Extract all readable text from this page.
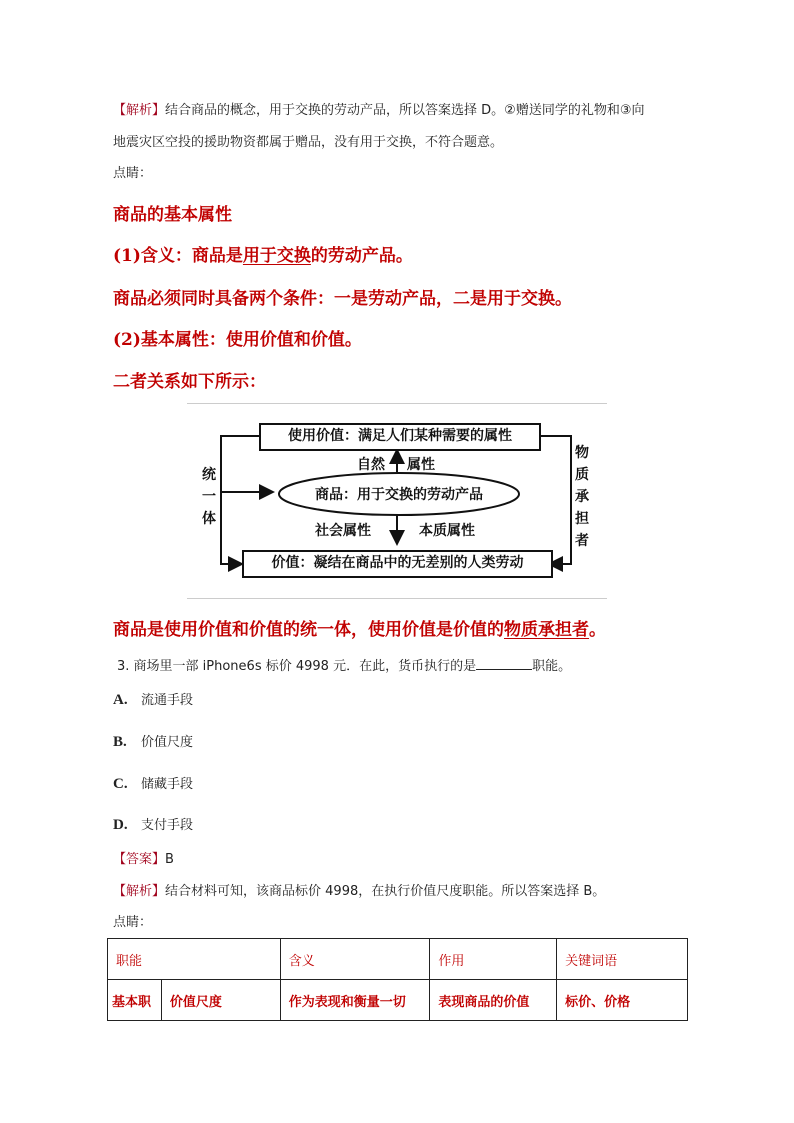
【解析】结合商品的概念，用于交换的劳动产品，所以答案选择 D。②赠送同学的礼物和③向
地震灾区空投的援助物资都属于赠品，没有用于交换，不符合题意。
点睛：
商品的基本属性
(1)含义：商品是用于交换的劳动产品。
商品必须同时具备两个条件：一是劳动产品，二是用于交换。
(2)基本属性：使用价值和价值。
二者关系如下所示：
使用价值：满足人们某种需要的属性
商品：用于交换的劳动产品
价值：凝结在商品中的无差别的人类劳动
自然 属性
社会属性	本质属性
统
一
体
物
质
承
担
者
商品是使用价值和价值的统一体，使用价值是价值的物质承担者。
3. 商场里一部 iPhone6s 标价 4998 元．在此，货币执行的是	职能。
A. 流通手段
B. 价值尺度
C. 储藏手段
D. 支付手段
【答案】B
【解析】结合材料可知，该商品标价 4998，在执行价值尺度职能。所以答案选择 B。
点睛：
职能		含义	作用	关键词语
基本职	价值尺度	作为表现和衡量一切	表现商品的价值	标价、价格
